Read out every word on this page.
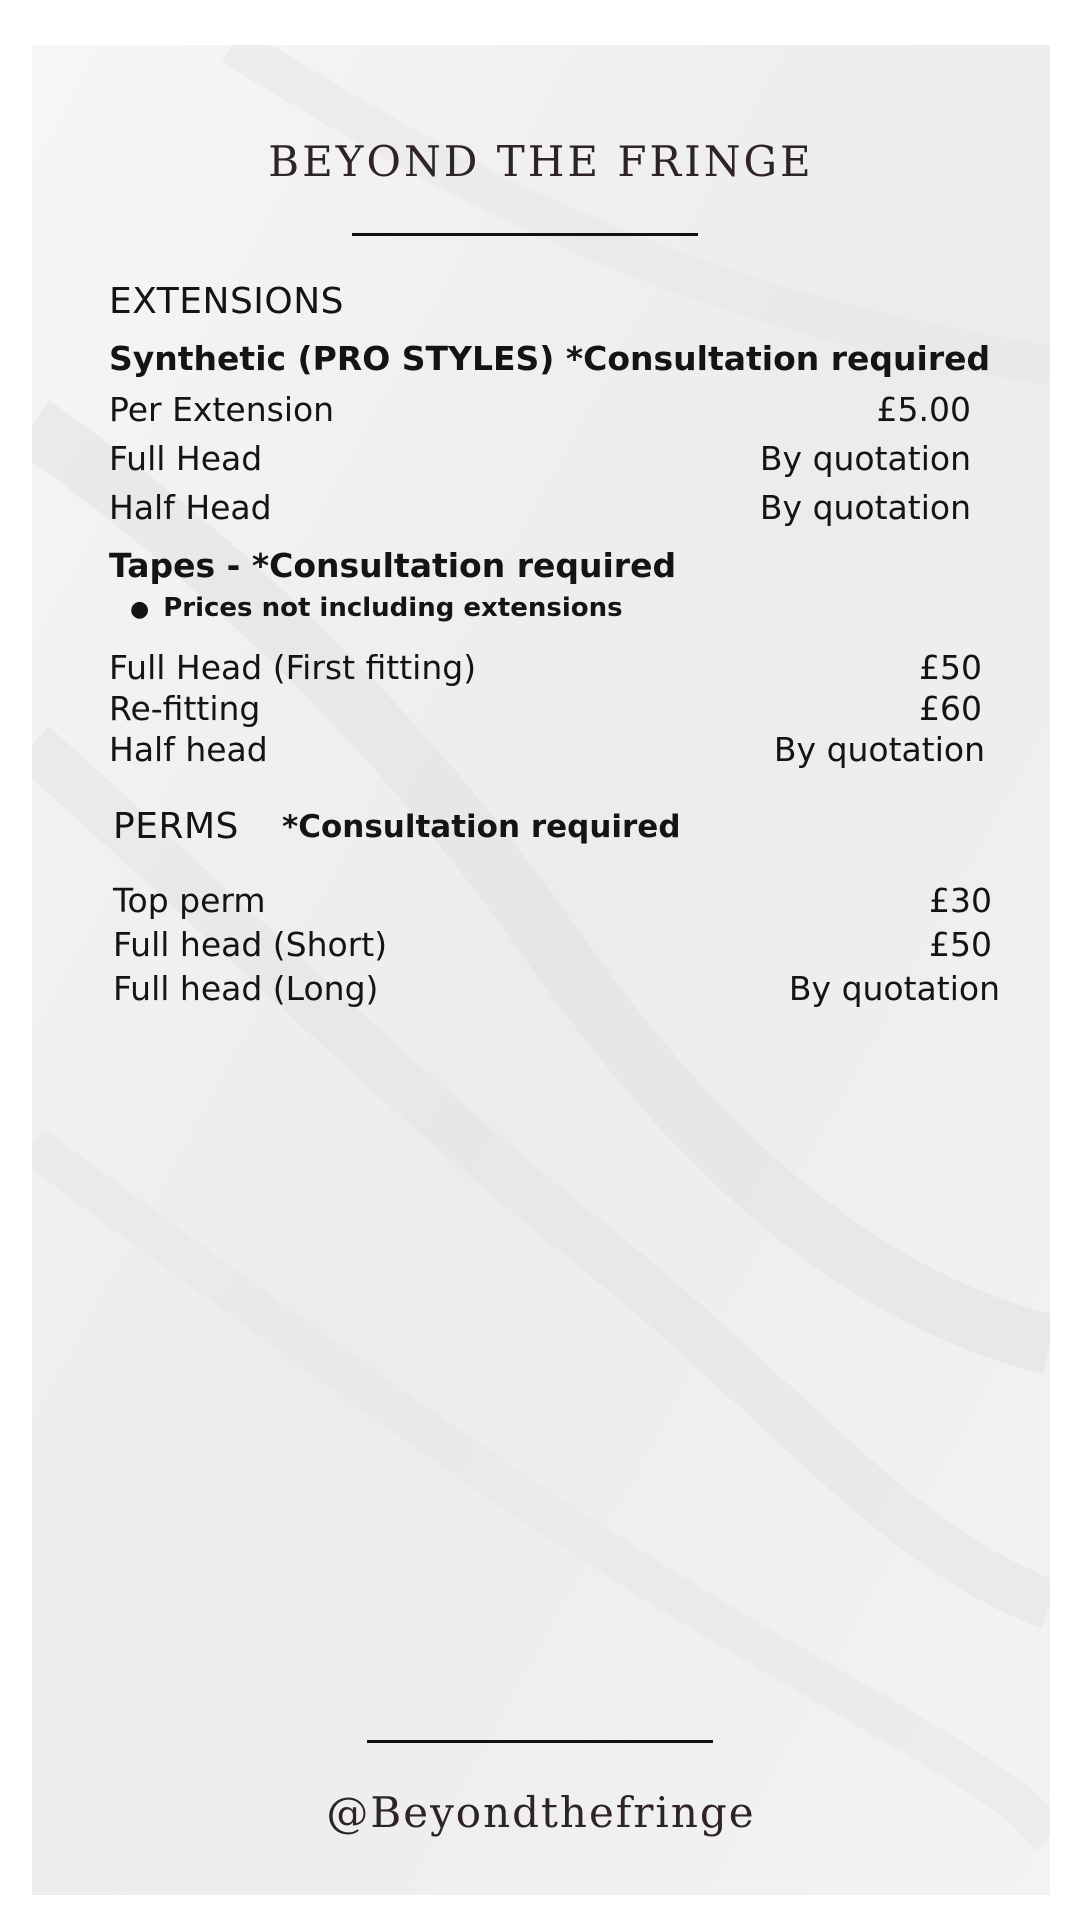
BEYOND THE FRINGE
EXTENSIONS
Synthetic (PRO STYLES) *Consultation required
Per Extension	£5.00
Full Head	By quotation
Half Head	By quotation
Tapes - *Consultation required
● Prices not including extensions
Full Head (First fitting)	£50
Re-fitting	£60
Half head	By quotation
PERMS *Consultation required
Top perm	£30
Full head (Short)	£50
Full head (Long)	By quotation
@Beyondthefringe
